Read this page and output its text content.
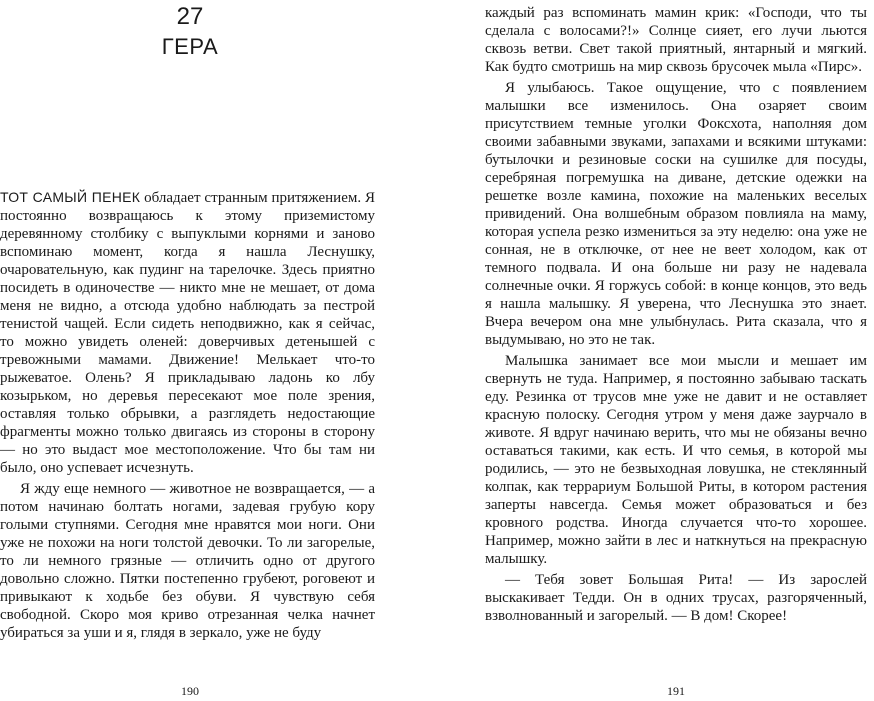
27
ГЕРА

ТОТ САМЫЙ ПЕНЕК обладает странным притяжением. Я постоянно возвращаюсь к этому приземистому деревянному столбику с выпуклыми корнями и заново вспоминаю момент, когда я нашла Леснушку, очаровательную, как пудинг на тарелочке. Здесь приятно посидеть в одиночестве — никто мне не мешает, от дома меня не видно, а отсюда удобно наблюдать за пестрой тенистой чащей. Если сидеть неподвижно, как я сейчас, то можно увидеть оленей: доверчивых детенышей с тревожными мамами. Движение! Мелькает что-то рыжеватое. Олень? Я прикладываю ладонь ко лбу козырьком, но деревья пересекают мое поле зрения, оставляя только обрывки, а разглядеть недостающие фрагменты можно только двигаясь из стороны в сторону — но это выдаст мое местоположение. Что бы там ни было, оно успевает исчезнуть.

Я жду еще немного — животное не возвращается, — а потом начинаю болтать ногами, задевая грубую кору голыми ступнями. Сегодня мне нравятся мои ноги. Они уже не похожи на ноги толстой девочки. То ли загорелые, то ли немного грязные — отличить одно от другого довольно сложно. Пятки постепенно грубеют, роговеют и привыкают к ходьбе без обуви. Я чувствую себя свободной. Скоро моя криво отрезанная челка начнет убираться за уши и я, глядя в зеркало, уже не буду

190

каждый раз вспоминать мамин крик: «Господи, что ты сделала с волосами?!» Солнце сияет, его лучи льются сквозь ветви. Свет такой приятный, янтарный и мягкий. Как будто смотришь на мир сквозь брусочек мыла «Пирс».

Я улыбаюсь. Такое ощущение, что с появлением малышки все изменилось. Она озаряет своим присутствием темные уголки Фоксхота, наполняя дом своими забавными звуками, запахами и всякими штуками: бутылочки и резиновые соски на сушилке для посуды, серебряная погремушка на диване, детские одежки на решетке возле камина, похожие на маленьких веселых привидений. Она волшебным образом повлияла на маму, которая успела резко измениться за эту неделю: она уже не сонная, не в отключке, от нее не веет холодом, как от темного подвала. И она больше ни разу не надевала солнечные очки. Я горжусь собой: в конце концов, это ведь я нашла малышку. Я уверена, что Леснушка это знает. Вчера вечером она мне улыбнулась. Рита сказала, что я выдумываю, но это не так.

Малышка занимает все мои мысли и мешает им свернуть не туда. Например, я постоянно забываю таскать еду. Резинка от трусов мне уже не давит и не оставляет красную полоску. Сегодня утром у меня даже заурчало в животе. Я вдруг начинаю верить, что мы не обязаны вечно оставаться такими, как есть. И что семья, в которой мы родились, — это не безвыходная ловушка, не стеклянный колпак, как террариум Большой Риты, в котором растения заперты навсегда. Семья может образоваться и без кровного родства. Иногда случается что-то хорошее. Например, можно зайти в лес и наткнуться на прекрасную малышку.

— Тебя зовет Большая Рита! — Из зарослей выскакивает Тедди. Он в одних трусах, разгоряченный, взволнованный и загорелый. — В дом! Скорее!

191
